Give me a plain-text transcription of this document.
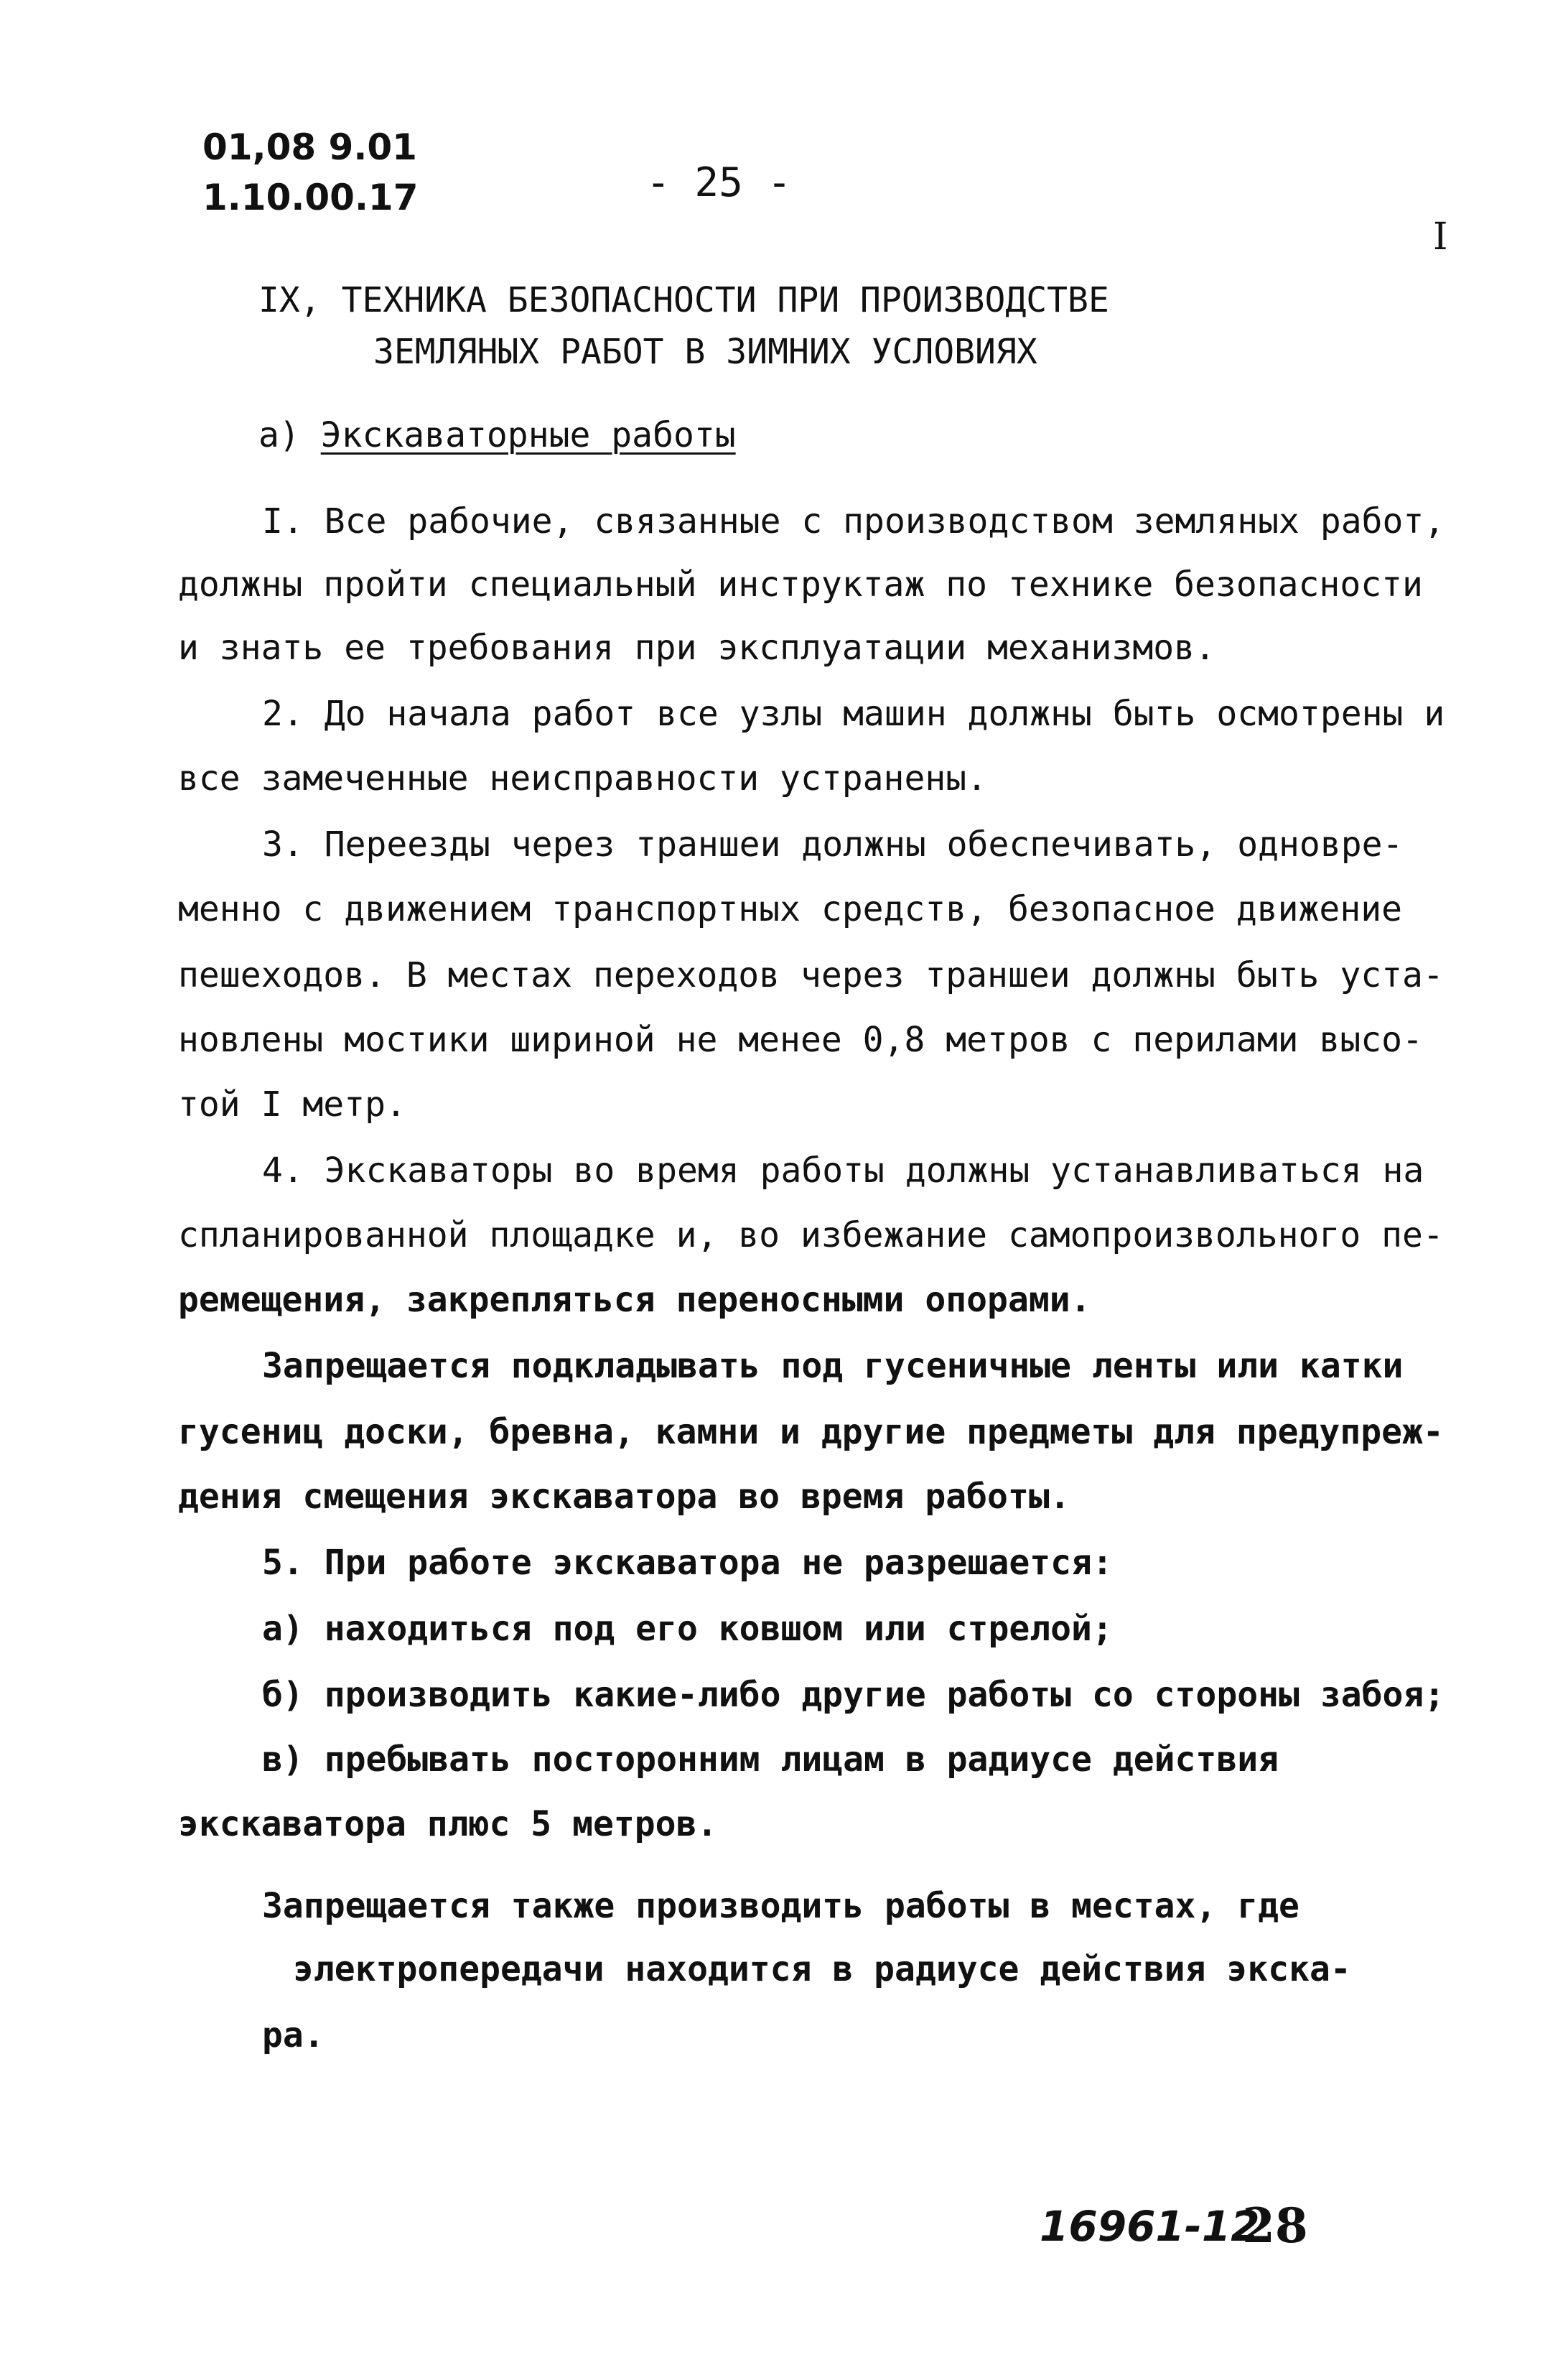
01,08 9.01
1.10.00.17	- 25 -
I
IX, ТЕХНИКА БЕЗОПАСНОСТИ ПРИ ПРОИЗВОДСТВЕ
ЗЕМЛЯНЫХ РАБОТ В ЗИМНИХ УСЛОВИЯХ
а) Экскаваторные работы
I. Все рабочие, связанные с производством земляных работ,
должны пройти специальный инструктаж по технике безопасности
и знать ее требования при эксплуатации механизмов.
2. До начала работ все узлы машин должны быть осмотрены и
все замеченные неисправности устранены.
3. Переезды через траншеи должны обеспечивать, одновре-
менно с движением транспортных средств, безопасное движение
пешеходов. В местах переходов через траншеи должны быть уста-
новлены мостики шириной не менее 0,8 метров с перилами высо-
той I метр.
4. Экскаваторы во время работы должны устанавливаться на
спланированной площадке и, во избежание самопроизвольного пе-
ремещения, закрепляться переносными опорами.
Запрещается подкладывать под гусеничные ленты или катки
гусениц доски, бревна, камни и другие предметы для предупреж-
дения смещения экскаватора во время работы.
5. При работе экскаватора не разрешается:
а) находиться под его ковшом или стрелой;
б) производить какие-либо другие работы со стороны забоя;
в) пребывать посторонним лицам в радиусе действия
экскаватора плюс 5 метров.
Запрещается также производить работы в местах, где
электропередачи находится в радиусе действия экска-
ра.
16961-12
28
